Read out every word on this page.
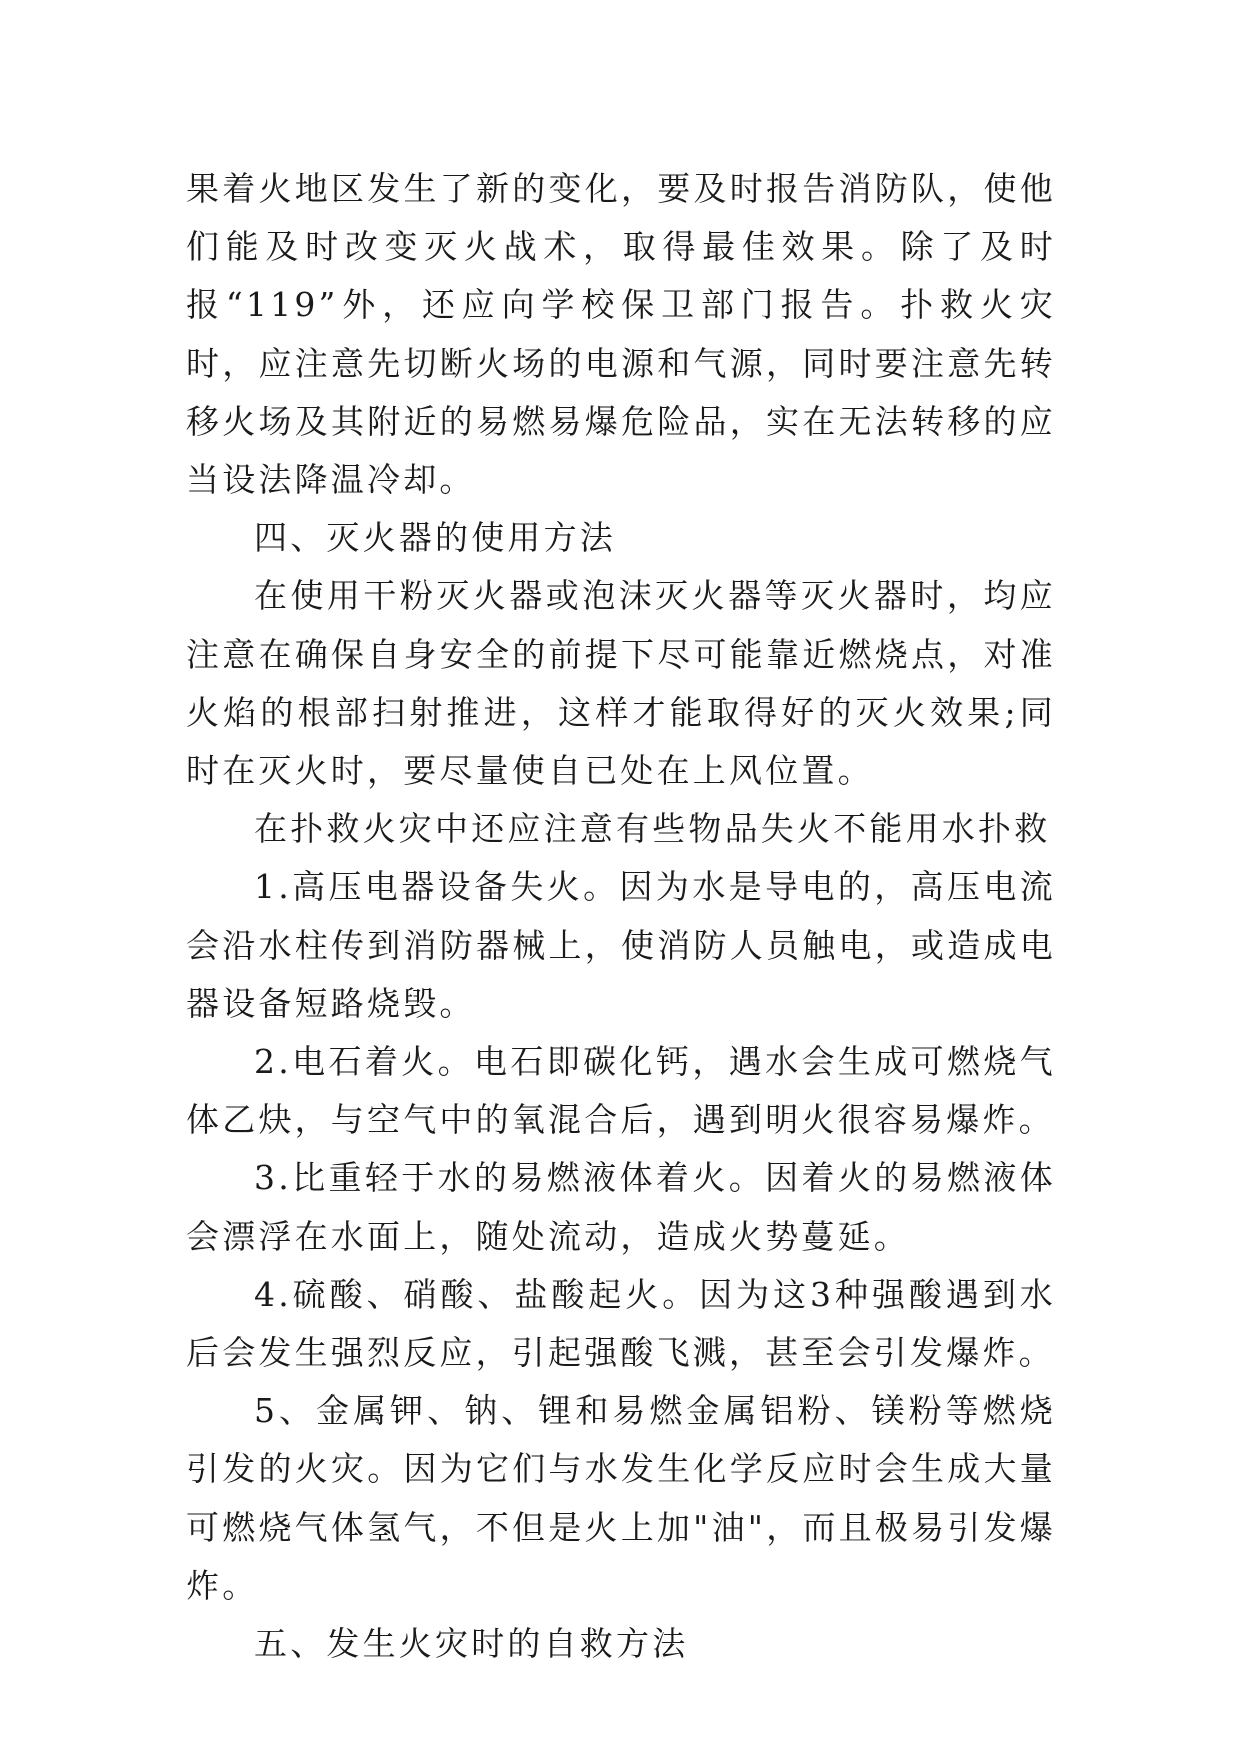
果着火地区发生了新的变化，要及时报告消防队，使他们能及时改变灭火战术，取得最佳效果。除了及时报“119”外，还应向学校保卫部门报告。扑救火灾时，应注意先切断火场的电源和气源，同时要注意先转移火场及其附近的易燃易爆危险品，实在无法转移的应当设法降温冷却。

四、灭火器的使用方法

在使用干粉灭火器或泡沫灭火器等灭火器时，均应注意在确保自身安全的前提下尽可能靠近燃烧点，对准火焰的根部扫射推进，这样才能取得好的灭火效果;同时在灭火时，要尽量使自已处在上风位置。

在扑救火灾中还应注意有些物品失火不能用水扑救

1.高压电器设备失火。因为水是导电的，高压电流会沿水柱传到消防器械上，使消防人员触电，或造成电器设备短路烧毁。

2.电石着火。电石即碳化钙，遇水会生成可燃烧气体乙炔，与空气中的氧混合后，遇到明火很容易爆炸。

3.比重轻于水的易燃液体着火。因着火的易燃液体会漂浮在水面上，随处流动，造成火势蔓延。

4.硫酸、硝酸、盐酸起火。因为这3种强酸遇到水后会发生强烈反应，引起强酸飞溅，甚至会引发爆炸。

5、金属钾、钠、锂和易燃金属铝粉、镁粉等燃烧引发的火灾。因为它们与水发生化学反应时会生成大量可燃烧气体氢气，不但是火上加"油"，而且极易引发爆炸。

五、发生火灾时的自救方法
